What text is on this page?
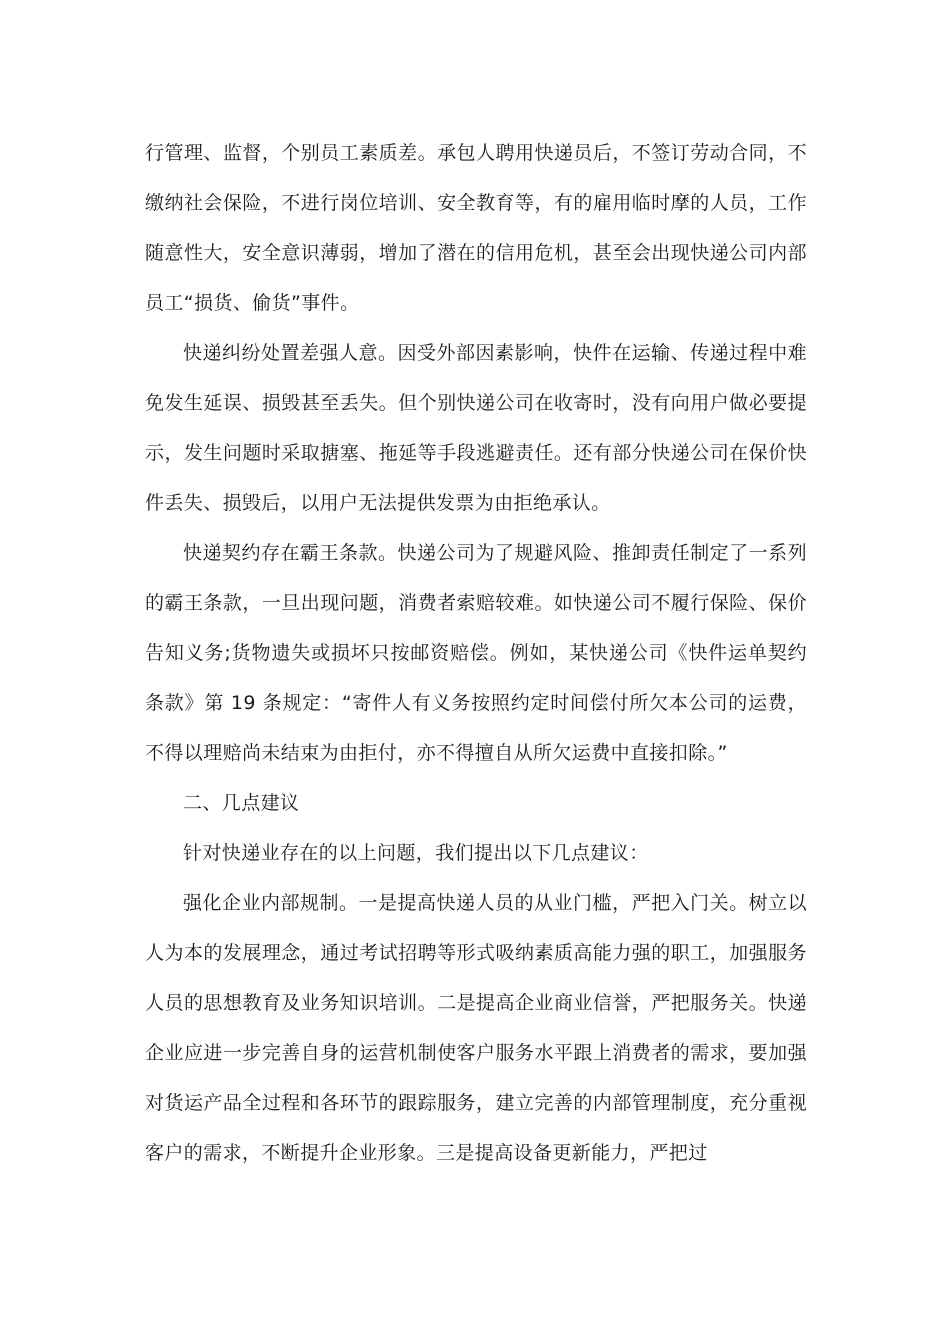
行管理、监督，个别员工素质差。承包人聘用快递员后，不签订劳动合同，不缴纳社会保险，不进行岗位培训、安全教育等，有的雇用临时摩的人员，工作随意性大，安全意识薄弱，增加了潜在的信用危机，甚至会出现快递公司内部员工“损货、偷货”事件。

快递纠纷处置差强人意。因受外部因素影响，快件在运输、传递过程中难免发生延误、损毁甚至丢失。但个别快递公司在收寄时，没有向用户做必要提示，发生问题时采取搪塞、拖延等手段逃避责任。还有部分快递公司在保价快件丢失、损毁后，以用户无法提供发票为由拒绝承认。

快递契约存在霸王条款。快递公司为了规避风险、推卸责任制定了一系列的霸王条款，一旦出现问题，消费者索赔较难。如快递公司不履行保险、保价告知义务;货物遗失或损坏只按邮资赔偿。例如，某快递公司《快件运单契约条款》第 19 条规定：“寄件人有义务按照约定时间偿付所欠本公司的运费，不得以理赔尚未结束为由拒付，亦不得擅自从所欠运费中直接扣除。”

二、几点建议

针对快递业存在的以上问题，我们提出以下几点建议：

强化企业内部规制。一是提高快递人员的从业门槛，严把入门关。树立以人为本的发展理念，通过考试招聘等形式吸纳素质高能力强的职工，加强服务人员的思想教育及业务知识培训。二是提高企业商业信誉，严把服务关。快递企业应进一步完善自身的运营机制使客户服务水平跟上消费者的需求，要加强对货运产品全过程和各环节的跟踪服务，建立完善的内部管理制度，充分重视客户的需求，不断提升企业形象。三是提高设备更新能力，严把过
